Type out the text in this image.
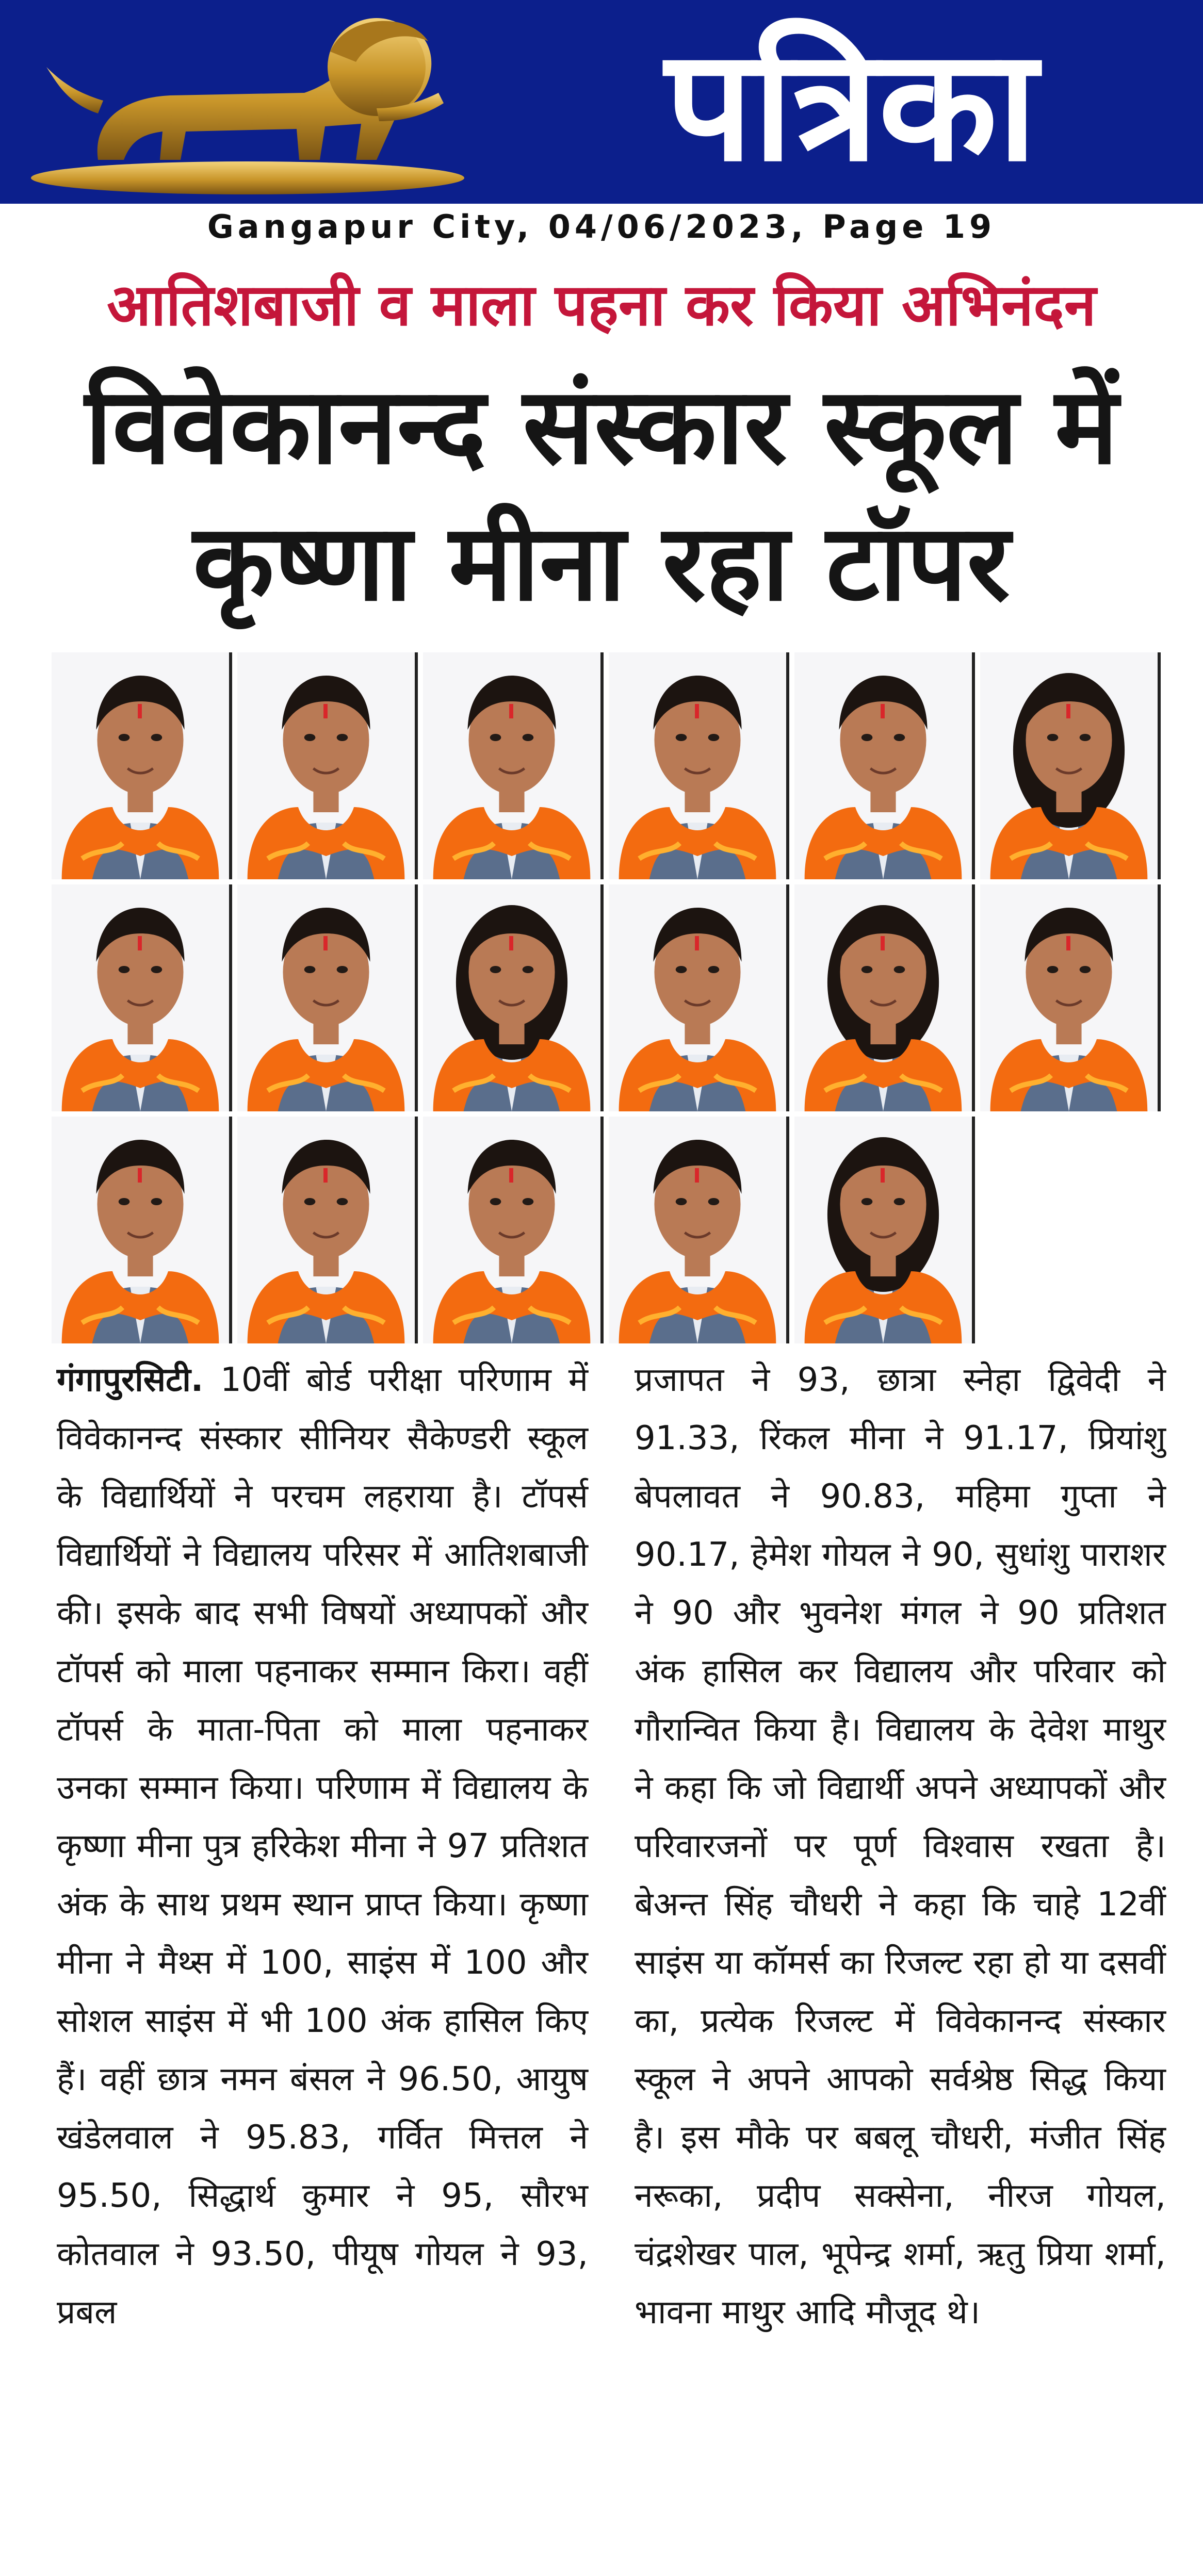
पत्रिका
Gangapur City, 04/06/2023, Page 19
आतिशबाजी व माला पहना कर किया अभिनंदन
विवेकानन्द संस्कार स्कूल में
कृष्णा मीना रहा टॉपर
गंगापुरसिटी. 10वीं बोर्ड परीक्षा परिणाम में विवेकानन्द संस्कार सीनियर सैकेण्डरी स्कूल के विद्यार्थियों ने परचम लहराया है। टॉपर्स विद्यार्थियों ने विद्यालय परिसर में आतिशबाजी की। इसके बाद सभी विषयों अध्यापकों और टॉपर्स को माला पहनाकर सम्मान किरा। वहीं टॉपर्स के माता-पिता को माला पहनाकर उनका सम्मान किया। परिणाम में विद्यालय के कृष्णा मीना पुत्र हरिकेश मीना ने 97 प्रतिशत अंक के साथ प्रथम स्थान प्राप्त किया। कृष्णा मीना ने मैथ्स में 100, साइंस में 100 और सोशल साइंस में भी 100 अंक हासिल किए हैं। वहीं छात्र नमन बंसल ने 96.50, आयुष खंडेलवाल ने 95.83, गर्वित मित्तल ने 95.50, सिद्धार्थ कुमार ने 95, सौरभ कोतवाल ने 93.50, पीयूष गोयल ने 93, प्रबल
प्रजापत ने 93, छात्रा स्नेहा द्विवेदी ने 91.33, रिंकल मीना ने 91.17, प्रियांशु बेपलावत ने 90.83, महिमा गुप्ता ने 90.17, हेमेश गोयल ने 90, सुधांशु पाराशर ने 90 और भुवनेश मंगल ने 90 प्रतिशत अंक हासिल कर विद्यालय और परिवार को गौरान्वित किया है। विद्यालय के देवेश माथुर ने कहा कि जो विद्यार्थी अपने अध्यापकों और परिवारजनों पर पूर्ण विश्वास रखता है। बेअन्त सिंह चौधरी ने कहा कि चाहे 12वीं साइंस या कॉमर्स का रिजल्ट रहा हो या दसवीं का, प्रत्येक रिजल्ट में विवेकानन्द संस्कार स्कूल ने अपने आपको सर्वश्रेष्ठ सिद्ध किया है। इस मौके पर बबलू चौधरी, मंजीत सिंह नरूका, प्रदीप सक्सेना, नीरज गोयल, चंद्रशेखर पाल, भूपेन्द्र शर्मा, ऋतु प्रिया शर्मा, भावना माथुर आदि मौजूद थे।
